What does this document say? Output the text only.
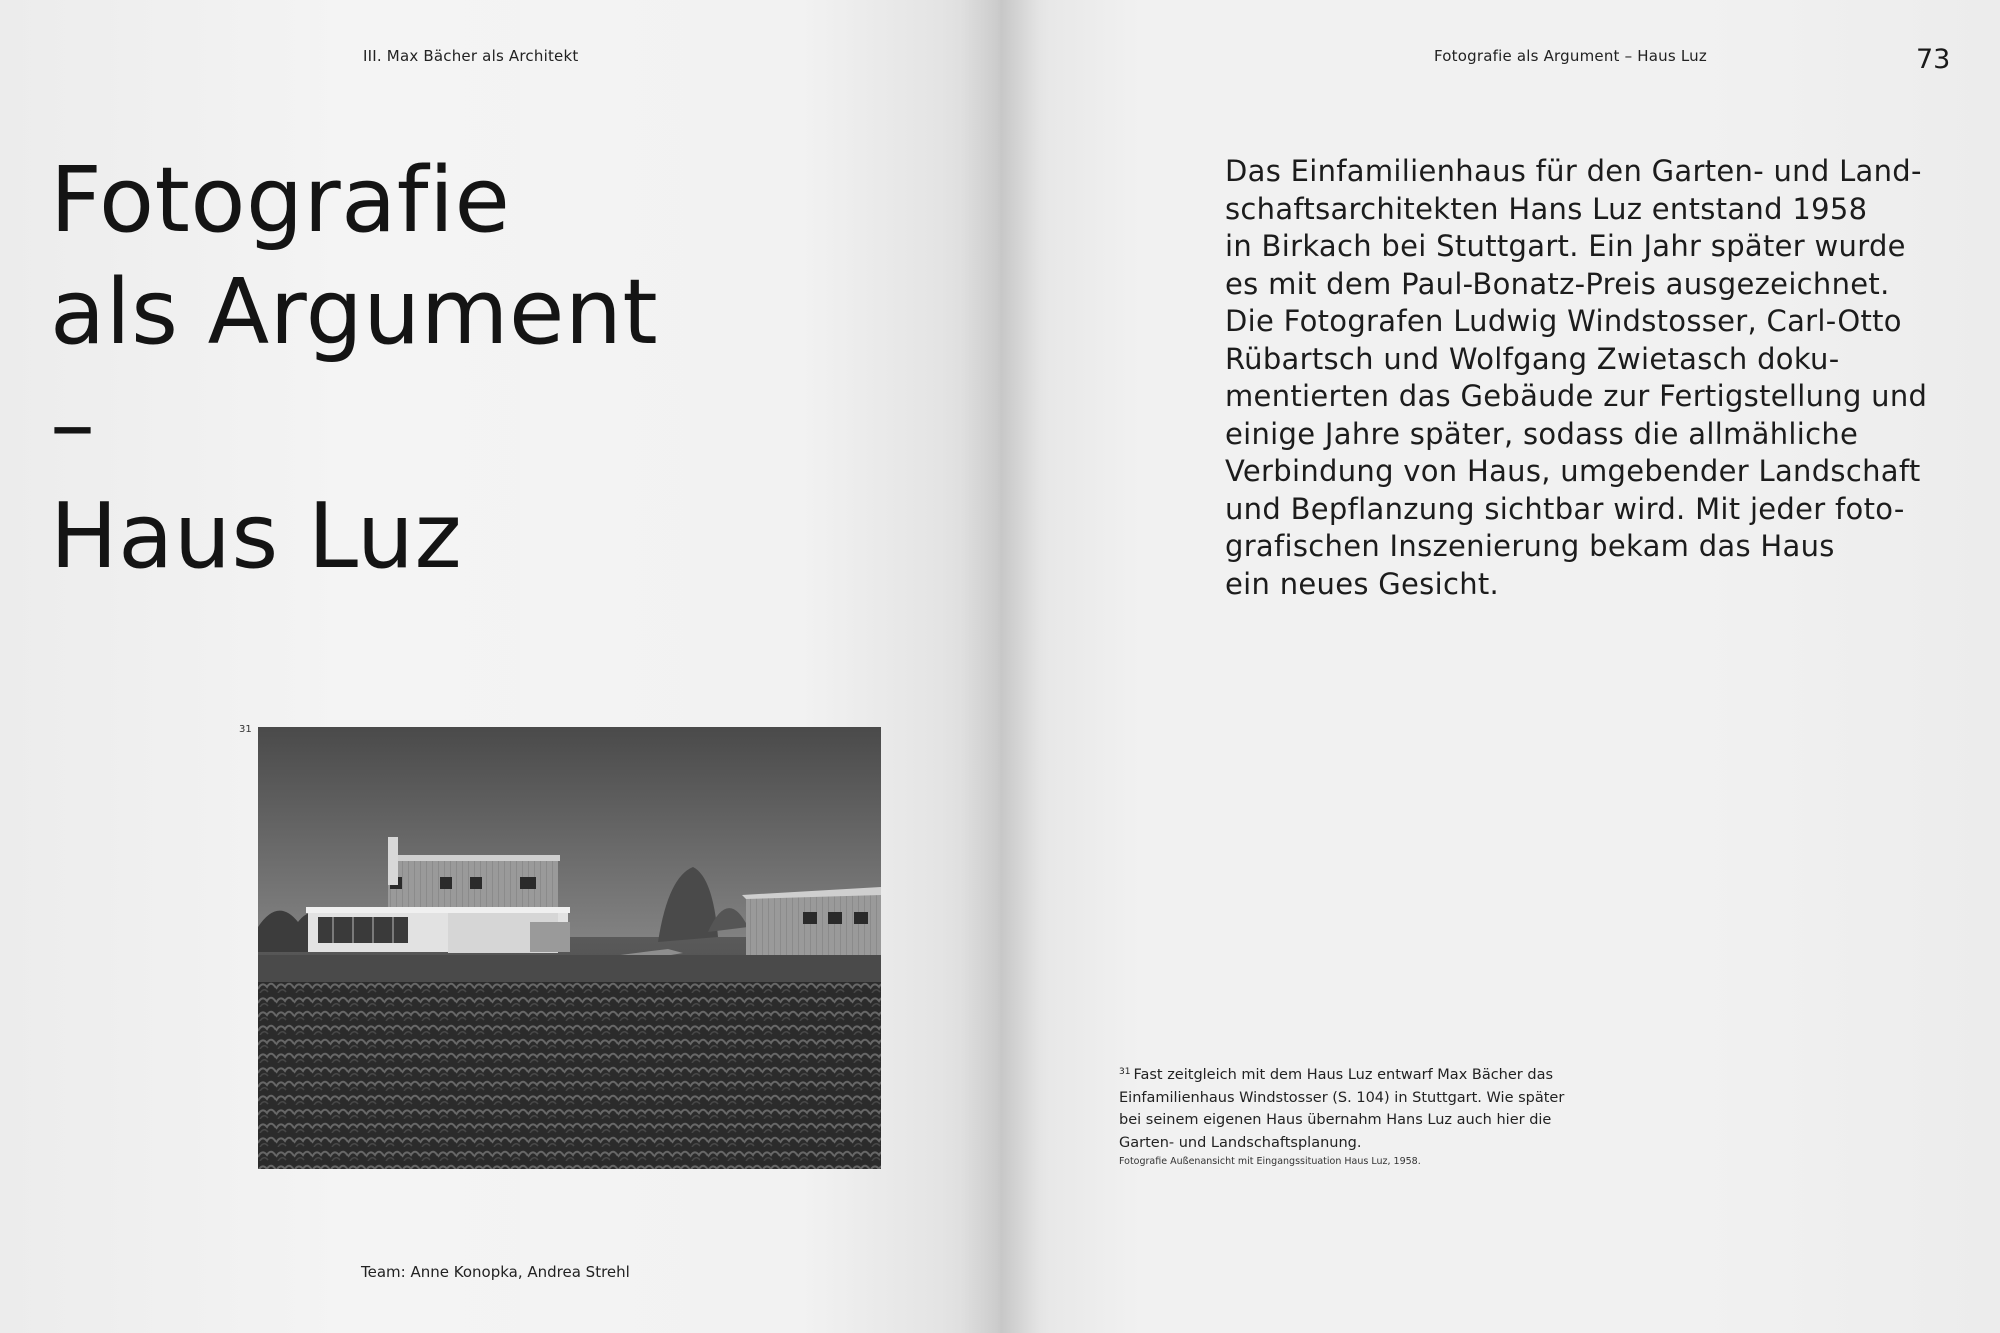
III. Max Bächer als Architekt
Fotografie
als Argument
–
Haus Luz
31
Team: Anne Konopka, Andrea Strehl
Fotografie als Argument – Haus Luz	73

Das Einfamilienhaus für den Garten- und Land-
schaftsarchitekten Hans Luz entstand 1958
in Birkach bei Stuttgart. Ein Jahr später wurde
es mit dem Paul-Bonatz-Preis ausgezeichnet.
Die Fotografen Ludwig Windstosser, Carl-Otto
Rübartsch und Wolfgang Zwietasch doku-
mentierten das Gebäude zur Fertigstellung und
einige Jahre später, sodass die allmähliche
Verbindung von Haus, umgebender Landschaft
und Bepflanzung sichtbar wird. Mit jeder foto-
grafischen Inszenierung bekam das Haus
ein neues Gesicht.

$^{31}$ Fast zeitgleich mit dem Haus Luz entwarf Max Bächer das
Einfamilienhaus Windstosser (S. 104) in Stuttgart. Wie später
bei seinem eigenen Haus übernahm Hans Luz auch hier die
Garten- und Landschaftsplanung.

Fotografie Außenansicht mit Eingangssituation Haus Luz, 1958.
